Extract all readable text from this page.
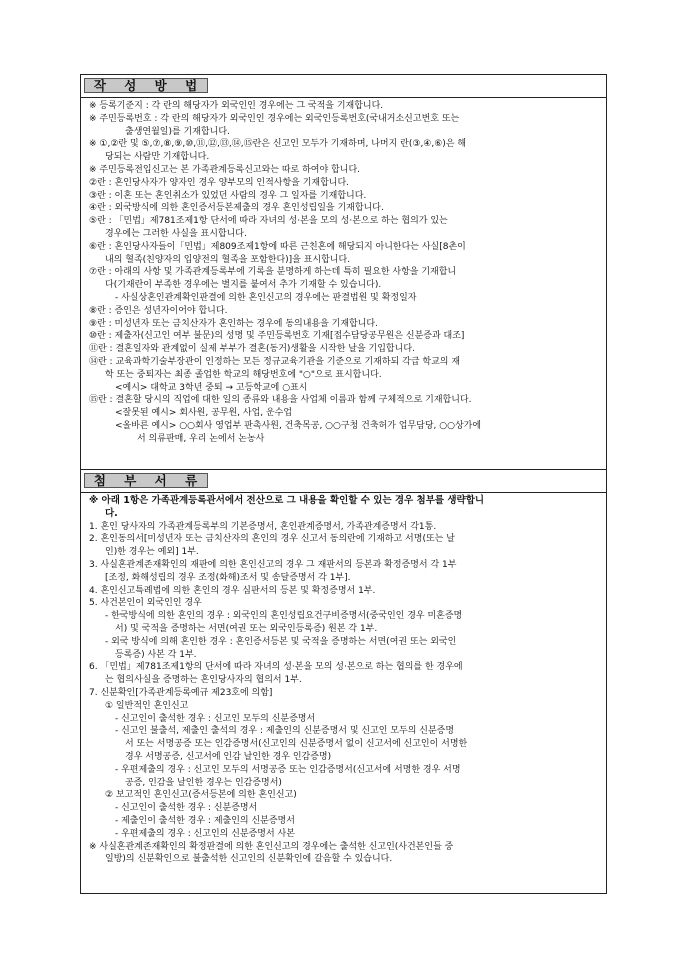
작 성 방 법
※ 등록기준지 : 각 란의 해당자가 외국인인 경우에는 그 국적을 기재합니다.
※ 주민등록번호 : 각 란의 해당자가 외국인인 경우에는 외국인등록번호(국내거소신고번호 또는
출생연월일)를 기재합니다.
※ ①,②란 및 ⑤,⑦,⑧,⑨,⑩,⑪,⑫,⑬,⑭,⑮란은 신고인 모두가 기재하며, 나머지 란(③,④,⑥)은 해
당되는 사람만 기재합니다.
※ 주민등록전입신고는 본 가족관계등록신고와는 따로 하여야 합니다.
②란 : 혼인당사자가 양자인 경우 양부모의 인적사항을 기재합니다.
③란 : 이혼 또는 혼인취소가 있었던 사람의 경우 그 일자를 기재합니다.
④란 : 외국방식에 의한 혼인증서등본제출의 경우 혼인성립일을 기재합니다.
⑤란 : 「민법」제781조제1항 단서에 따라 자녀의 성·본을 모의 성·본으로 하는 협의가 있는
경우에는 그러한 사실을 표시합니다.
⑥란 : 혼인당사자들이「민법」제809조제1항에 따른 근친혼에 해당되지 아니한다는 사실[8촌이
내의 혈족(친양자의 입양전의 혈족을 포함한다)]을 표시합니다.
⑦란 : 아래의 사항 및 가족관계등록부에 기록을 분명하게 하는데 특히 필요한 사항을 기재합니
다(기재란이 부족한 경우에는 별지를 붙여서 추가 기재할 수 있습니다).
- 사실상혼인관계확인판결에 의한 혼인신고의 경우에는 판결법원 및 확정일자
⑧란 : 증인은 성년자이어야 합니다.
⑨란 : 미성년자 또는 금치산자가 혼인하는 경우에 동의내용을 기재합니다.
⑩란 : 제출자(신고인 여부 불문)의 성명 및 주민등록번호 기재[접수담당공무원은 신분증과 대조]
⑪란 : 결혼일자와 관계없이 실제 부부가 결혼(동거)생활을 시작한 날을 기입합니다.
⑭란 : 교육과학기술부장관이 인정하는 모든 정규교육기관을 기준으로 기재하되 각급 학교의 재
학 또는 중퇴자는 최종 졸업한 학교의 해당번호에 "○"으로 표시합니다.
<예시> 대학교 3학년 중퇴 → 고등학교에 ○표시
⑮란 : 결혼할 당시의 직업에 대한 일의 종류와 내용을 사업체 이름과 함께 구체적으로 기재합니다.
<잘못된 예시> 회사원, 공무원, 사업, 운수업
<올바른 예시> ○○회사 영업부 판촉사원, 건축목공, ○○구청 건축허가 업무담당, ○○상가에
서 의류판매, 우리 논에서 논농사
첨 부 서 류
※ 아래 1항은 가족관계등록관서에서 전산으로 그 내용을 확인할 수 있는 경우 첨부를 생략합니
다.
1. 혼인 당사자의 가족관계등록부의 기본증명서, 혼인관계증명서, 가족관계증명서 각1통.
2. 혼인동의서[미성년자 또는 금치산자의 혼인의 경우 신고서 동의란에 기재하고 서명(또는 날
인)한 경우는 예외] 1부.
3. 사실혼관계존재확인의 재판에 의한 혼인신고의 경우 그 재판서의 등본과 확정증명서 각 1부
[조정, 화해성립의 경우 조정(화해)조서 및 송달증명서 각 1부].
4. 혼인신고특례법에 의한 혼인의 경우 심판서의 등본 및 확정증명서 1부.
5. 사건본인이 외국인인 경우
- 한국방식에 의한 혼인의 경우 : 외국인의 혼인성립요건구비증명서(중국인인 경우 미혼증명
서) 및 국적을 증명하는 서면(여권 또는 외국인등록증) 원본 각 1부.
- 외국 방식에 의해 혼인한 경우 : 혼인증서등본 및 국적을 증명하는 서면(여권 또는 외국인
등록증) 사본 각 1부.
6. 「민법」제781조제1항의 단서에 따라 자녀의 성·본을 모의 성·본으로 하는 협의를 한 경우에
는 협의사실을 증명하는 혼인당사자의 협의서 1부.
7. 신분확인[가족관계등록예규 제23호에 의함]
① 일반적인 혼인신고
- 신고인이 출석한 경우 : 신고인 모두의 신분증명서
- 신고인 불출석, 제출인 출석의 경우 : 제출인의 신분증명서 및 신고인 모두의 신분증명
서 또는 서명공증 또는 인감증명서(신고인의 신분증명서 없이 신고서에 신고인이 서명한
경우 서명공증, 신고서에 인감 날인한 경우 인감증명)
- 우편제출의 경우 : 신고인 모두의 서명공증 또는 인감증명서(신고서에 서명한 경우 서명
공증, 인감을 날인한 경우는 인감증명서)
② 보고적인 혼인신고(증서등본에 의한 혼인신고)
- 신고인이 출석한 경우 : 신분증명서
- 제출인이 출석한 경우 : 제출인의 신분증명서
- 우편제출의 경우 : 신고인의 신분증명서 사본
※ 사실혼관계존재확인의 확정판결에 의한 혼인신고의 경우에는 출석한 신고인(사건본인들 중
일방)의 신분확인으로 불출석한 신고인의 신분확인에 갈음할 수 있습니다.
